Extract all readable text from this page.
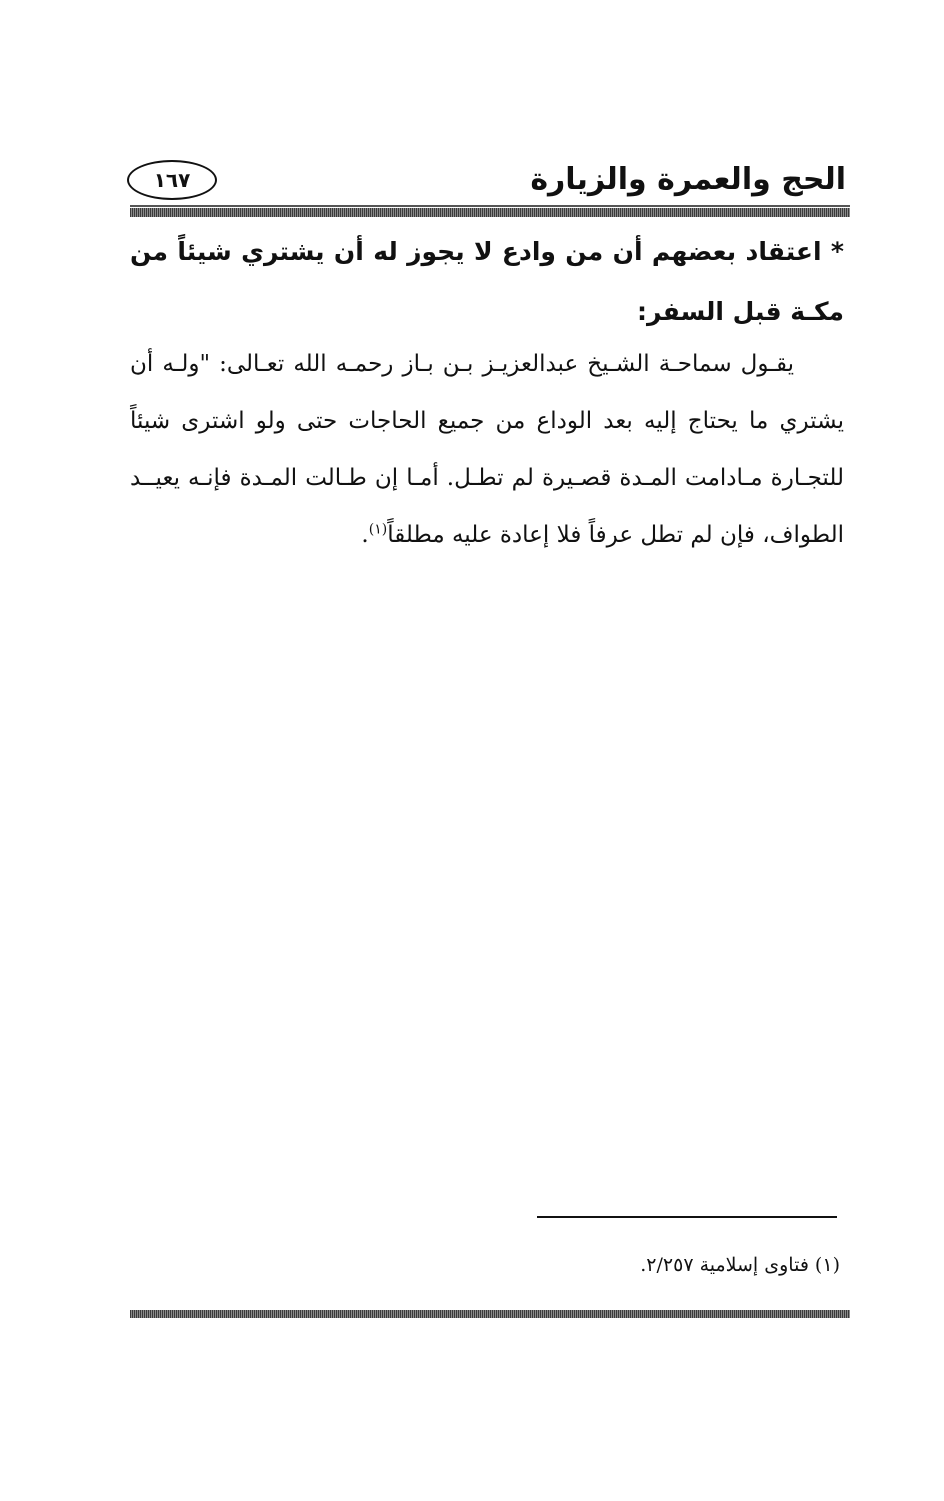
الحج والعمرة والزيارة
١٦٧
* اعتقاد بعضهم أن من وادع لا يجوز له أن يشتري شيئاً من مكـة قبل السفر:
يقـول سماحـة الشـيخ عبدالعزيـز بـن بـاز رحمـه الله تعـالى: "ولـه أن يشتري ما يحتاج إليه بعد الوداع من جميع الحاجات حتى ولو اشترى شيئاً للتجـارة مـادامت المـدة قصـيرة لم تطـل. أمـا إن طـالت المـدة فإنـه يعيــد الطواف، فإن لم تطل عرفاً فلا إعادة عليه مطلقاً$^{(١)}$.
(١) فتاوى إسلامية ٢/٢٥٧.
